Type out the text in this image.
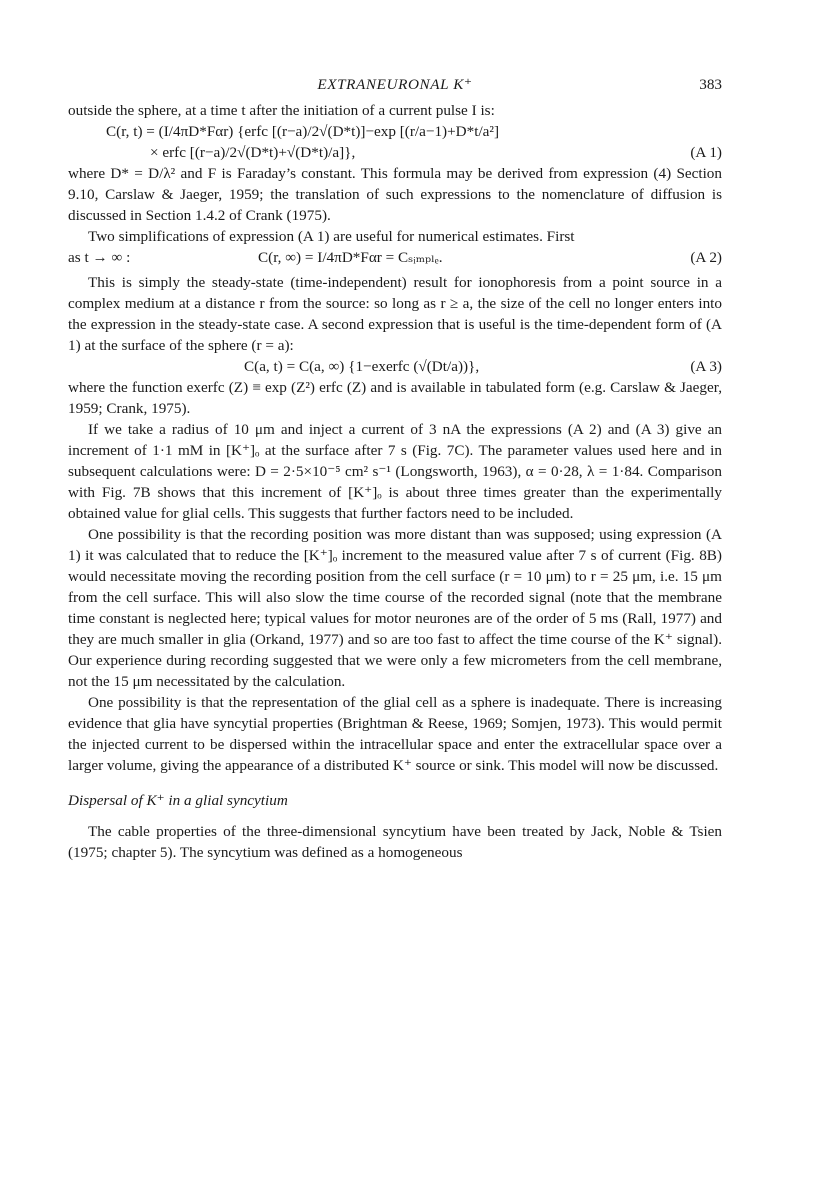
EXTRANEURONAL K⁺	383

outside the sphere, at a time t after the initiation of a current pulse I is:

C(r, t) = (I/4πD*Fαr) {erfc [(r−a)/2√(D*t)]−exp [(r/a−1)+D*t/a²]
× erfc [(r−a)/2√(D*t)+√(D*t)/a]},	(A 1)

where D* = D/λ² and F is Faraday’s constant. This formula may be derived from expression (4) Section 9.10, Carslaw & Jaeger, 1959; the translation of such expressions to the nomenclature of diffusion is discussed in Section 1.4.2 of Crank (1975).

Two simplifications of expression (A 1) are useful for numerical estimates. First

as t → ∞ :	C(r, ∞) = I/4πD*Fαr = Cₛᵢₘₚₗₑ.	(A 2)

This is simply the steady-state (time-independent) result for ionophoresis from a point source in a complex medium at a distance r from the source: so long as r ≥ a, the size of the cell no longer enters into the expression in the steady-state case. A second expression that is useful is the time-dependent form of (A 1) at the surface of the sphere (r = a):

C(a, t) = C(a, ∞) {1−exerfc (√(Dt/a))},	(A 3)

where the function exerfc (Z) ≡ exp (Z²) erfc (Z) and is available in tabulated form (e.g. Carslaw & Jaeger, 1959; Crank, 1975).

If we take a radius of 10 μm and inject a current of 3 nA the expressions (A 2) and (A 3) give an increment of 1·1 mM in [K⁺]ₒ at the surface after 7 s (Fig. 7C). The parameter values used here and in subsequent calculations were: D = 2·5×10⁻⁵ cm² s⁻¹ (Longsworth, 1963), α = 0·28, λ = 1·84. Comparison with Fig. 7B shows that this increment of [K⁺]ₒ is about three times greater than the experimentally obtained value for glial cells. This suggests that further factors need to be included.

One possibility is that the recording position was more distant than was supposed; using expression (A 1) it was calculated that to reduce the [K⁺]ₒ increment to the measured value after 7 s of current (Fig. 8B) would necessitate moving the recording position from the cell surface (r = 10 μm) to r = 25 μm, i.e. 15 μm from the cell surface. This will also slow the time course of the recorded signal (note that the membrane time constant is neglected here; typical values for motor neurones are of the order of 5 ms (Rall, 1977) and they are much smaller in glia (Orkand, 1977) and so are too fast to affect the time course of the K⁺ signal). Our experience during recording suggested that we were only a few micrometers from the cell membrane, not the 15 μm necessitated by the calculation.

One possibility is that the representation of the glial cell as a sphere is inadequate. There is increasing evidence that glia have syncytial properties (Brightman & Reese, 1969; Somjen, 1973). This would permit the injected current to be dispersed within the intracellular space and enter the extracellular space over a larger volume, giving the appearance of a distributed K⁺ source or sink. This model will now be discussed.

Dispersal of K⁺ in a glial syncytium

The cable properties of the three-dimensional syncytium have been treated by Jack, Noble & Tsien (1975; chapter 5). The syncytium was defined as a homogeneous
